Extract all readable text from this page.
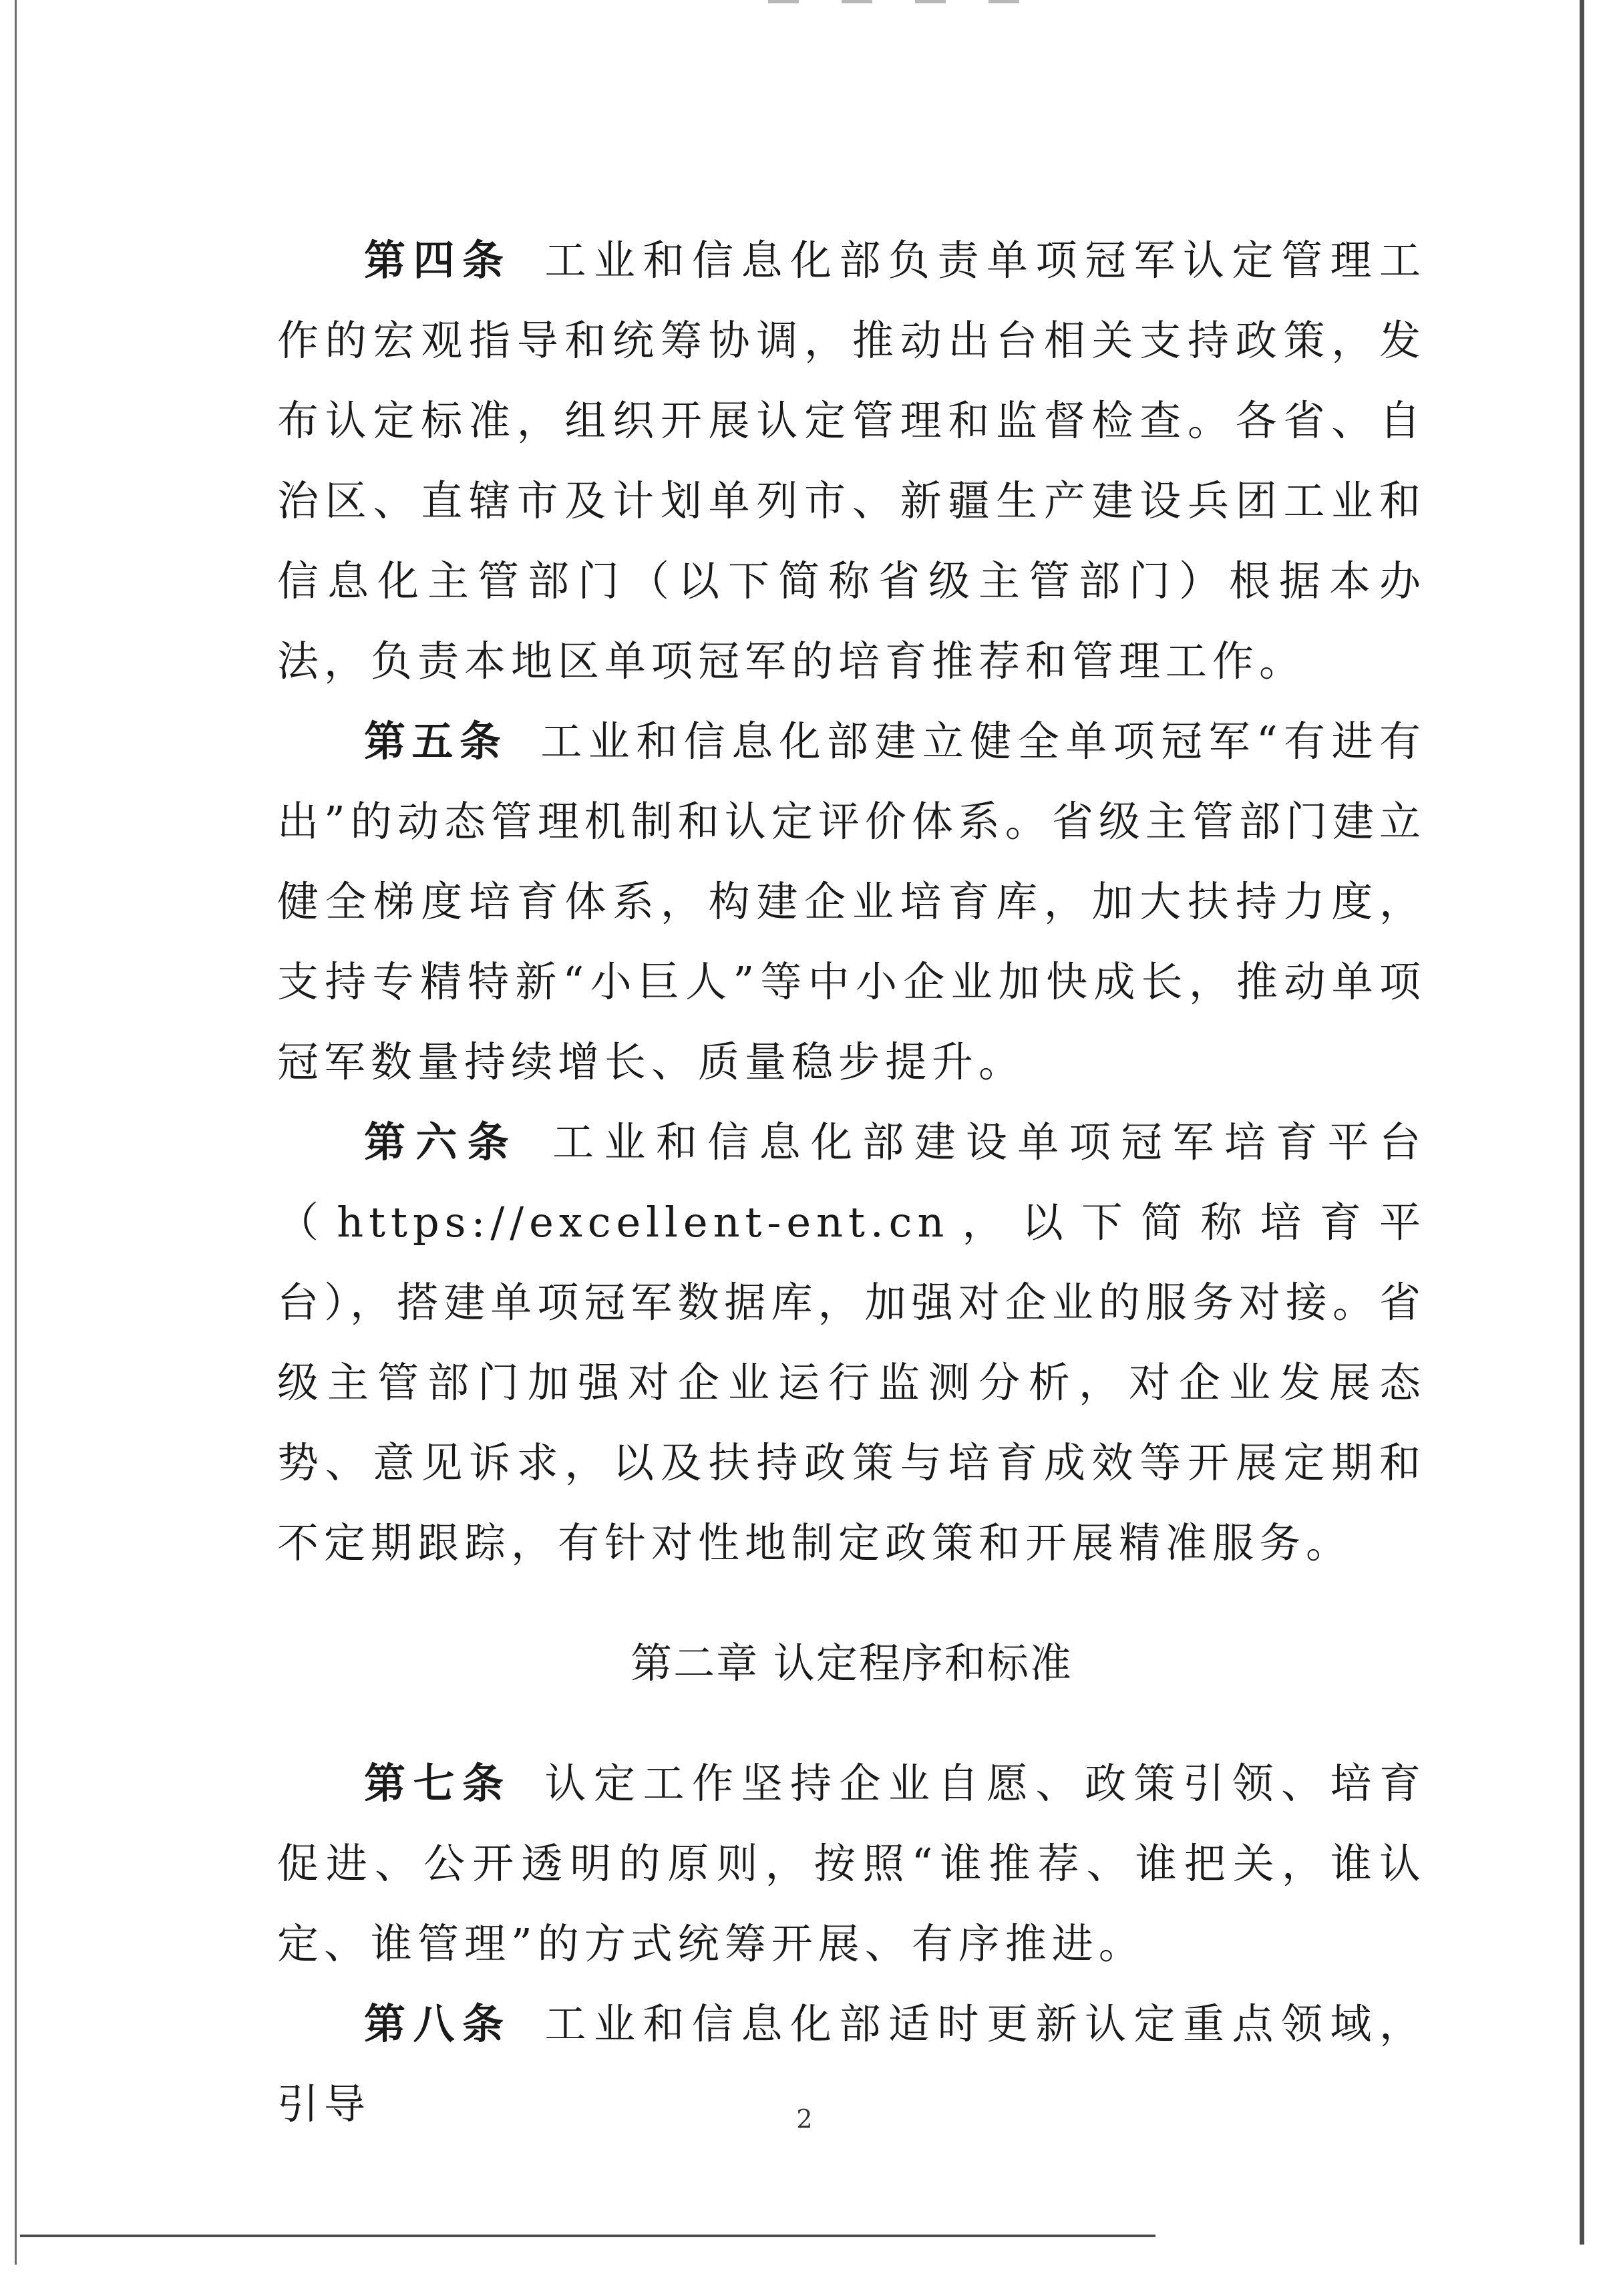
第四条 工业和信息化部负责单项冠军认定管理工作的宏观指导和统筹协调，推动出台相关支持政策，发布认定标准，组织开展认定管理和监督检查。各省、自治区、直辖市及计划单列市、新疆生产建设兵团工业和信息化主管部门（以下简称省级主管部门）根据本办法，负责本地区单项冠军的培育推荐和管理工作。

第五条 工业和信息化部建立健全单项冠军“有进有出”的动态管理机制和认定评价体系。省级主管部门建立健全梯度培育体系，构建企业培育库，加大扶持力度，支持专精特新“小巨人”等中小企业加快成长，推动单项冠军数量持续增长、质量稳步提升。

第六条 工业和信息化部建设单项冠军培育平台（https://excellent-ent.cn，以下简称培育平台），搭建单项冠军数据库，加强对企业的服务对接。省级主管部门加强对企业运行监测分析，对企业发展态势、意见诉求，以及扶持政策与培育成效等开展定期和不定期跟踪，有针对性地制定政策和开展精准服务。

第二章 认定程序和标准

第七条 认定工作坚持企业自愿、政策引领、培育促进、公开透明的原则，按照“谁推荐、谁把关，谁认定、谁管理”的方式统筹开展、有序推进。

第八条 工业和信息化部适时更新认定重点领域，引导	2
